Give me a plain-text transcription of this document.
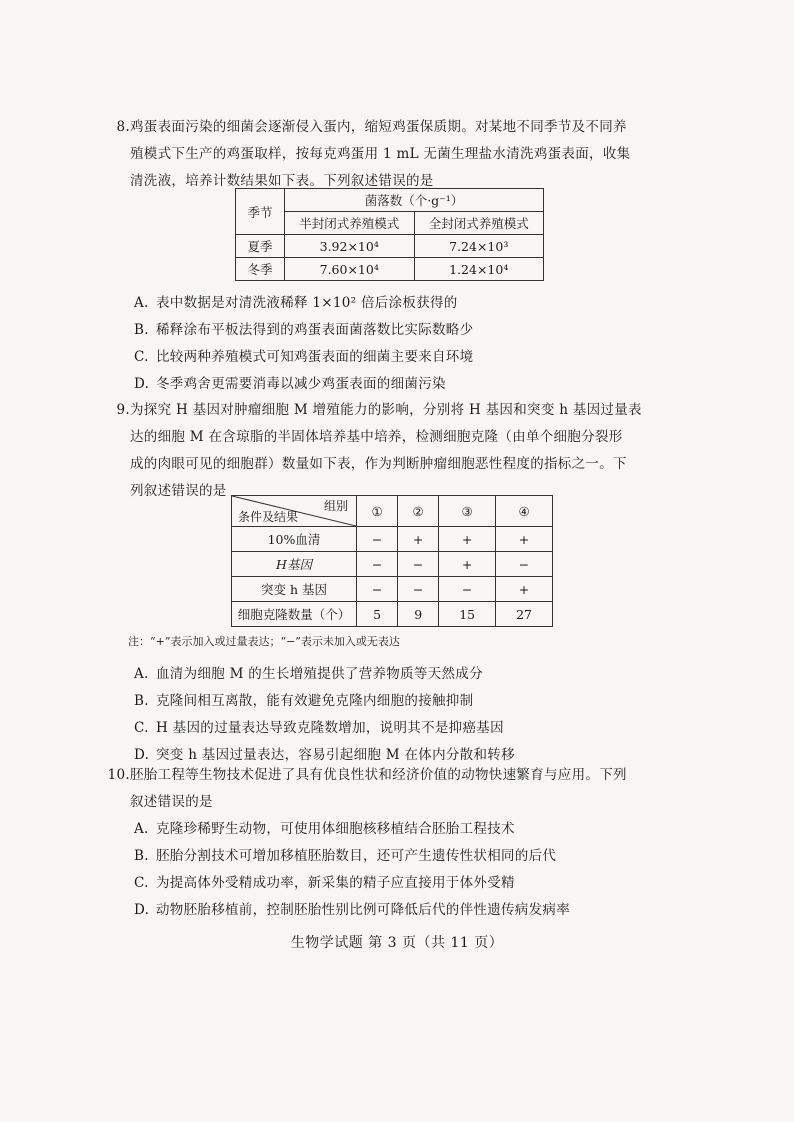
8. 鸡蛋表面污染的细菌会逐渐侵入蛋内，缩短鸡蛋保质期。对某地不同季节及不同养
殖模式下生产的鸡蛋取样，按每克鸡蛋用 1 mL 无菌生理盐水清洗鸡蛋表面，收集
清洗液，培养计数结果如下表。下列叙述错误的是
季节	菌落数（个·g⁻¹）	
	半封闭式养殖模式	全封闭式养殖模式
夏季	3.92×10⁴	7.24×10³
冬季	7.60×10⁴	1.24×10⁴
A. 表中数据是对清洗液稀释 1×10² 倍后涂板获得的
B. 稀释涂布平板法得到的鸡蛋表面菌落数比实际数略少
C. 比较两种养殖模式可知鸡蛋表面的细菌主要来自环境
D. 冬季鸡舍更需要消毒以减少鸡蛋表面的细菌污染
9. 为探究 H 基因对肿瘤细胞 M 增殖能力的影响，分别将 H 基因和突变 h 基因过量表
达的细胞 M 在含琼脂的半固体培养基中培养，检测细胞克隆（由单个细胞分裂形
成的肉眼可见的细胞群）数量如下表，作为判断肿瘤细胞恶性程度的指标之一。下
列叙述错误的是
组别
条件及结果	①	②	③	④
10%血清	−	+	+	+
H基因	−	−	+	−
突变 h 基因	−	−	−	+
细胞克隆数量（个）	5	9	15	27
注：“+”表示加入或过量表达；“−”表示未加入或无表达
A. 血清为细胞 M 的生长增殖提供了营养物质等天然成分
B. 克隆间相互离散，能有效避免克隆内细胞的接触抑制
C. H 基因的过量表达导致克隆数增加，说明其不是抑癌基因
D. 突变 h 基因过量表达，容易引起细胞 M 在体内分散和转移
10. 胚胎工程等生物技术促进了具有优良性状和经济价值的动物快速繁育与应用。下列
叙述错误的是
A. 克隆珍稀野生动物，可使用体细胞核移植结合胚胎工程技术
B. 胚胎分割技术可增加移植胚胎数目，还可产生遗传性状相同的后代
C. 为提高体外受精成功率，新采集的精子应直接用于体外受精
D. 动物胚胎移植前，控制胚胎性别比例可降低后代的伴性遗传病发病率
生物学试题 第 3 页（共 11 页）
